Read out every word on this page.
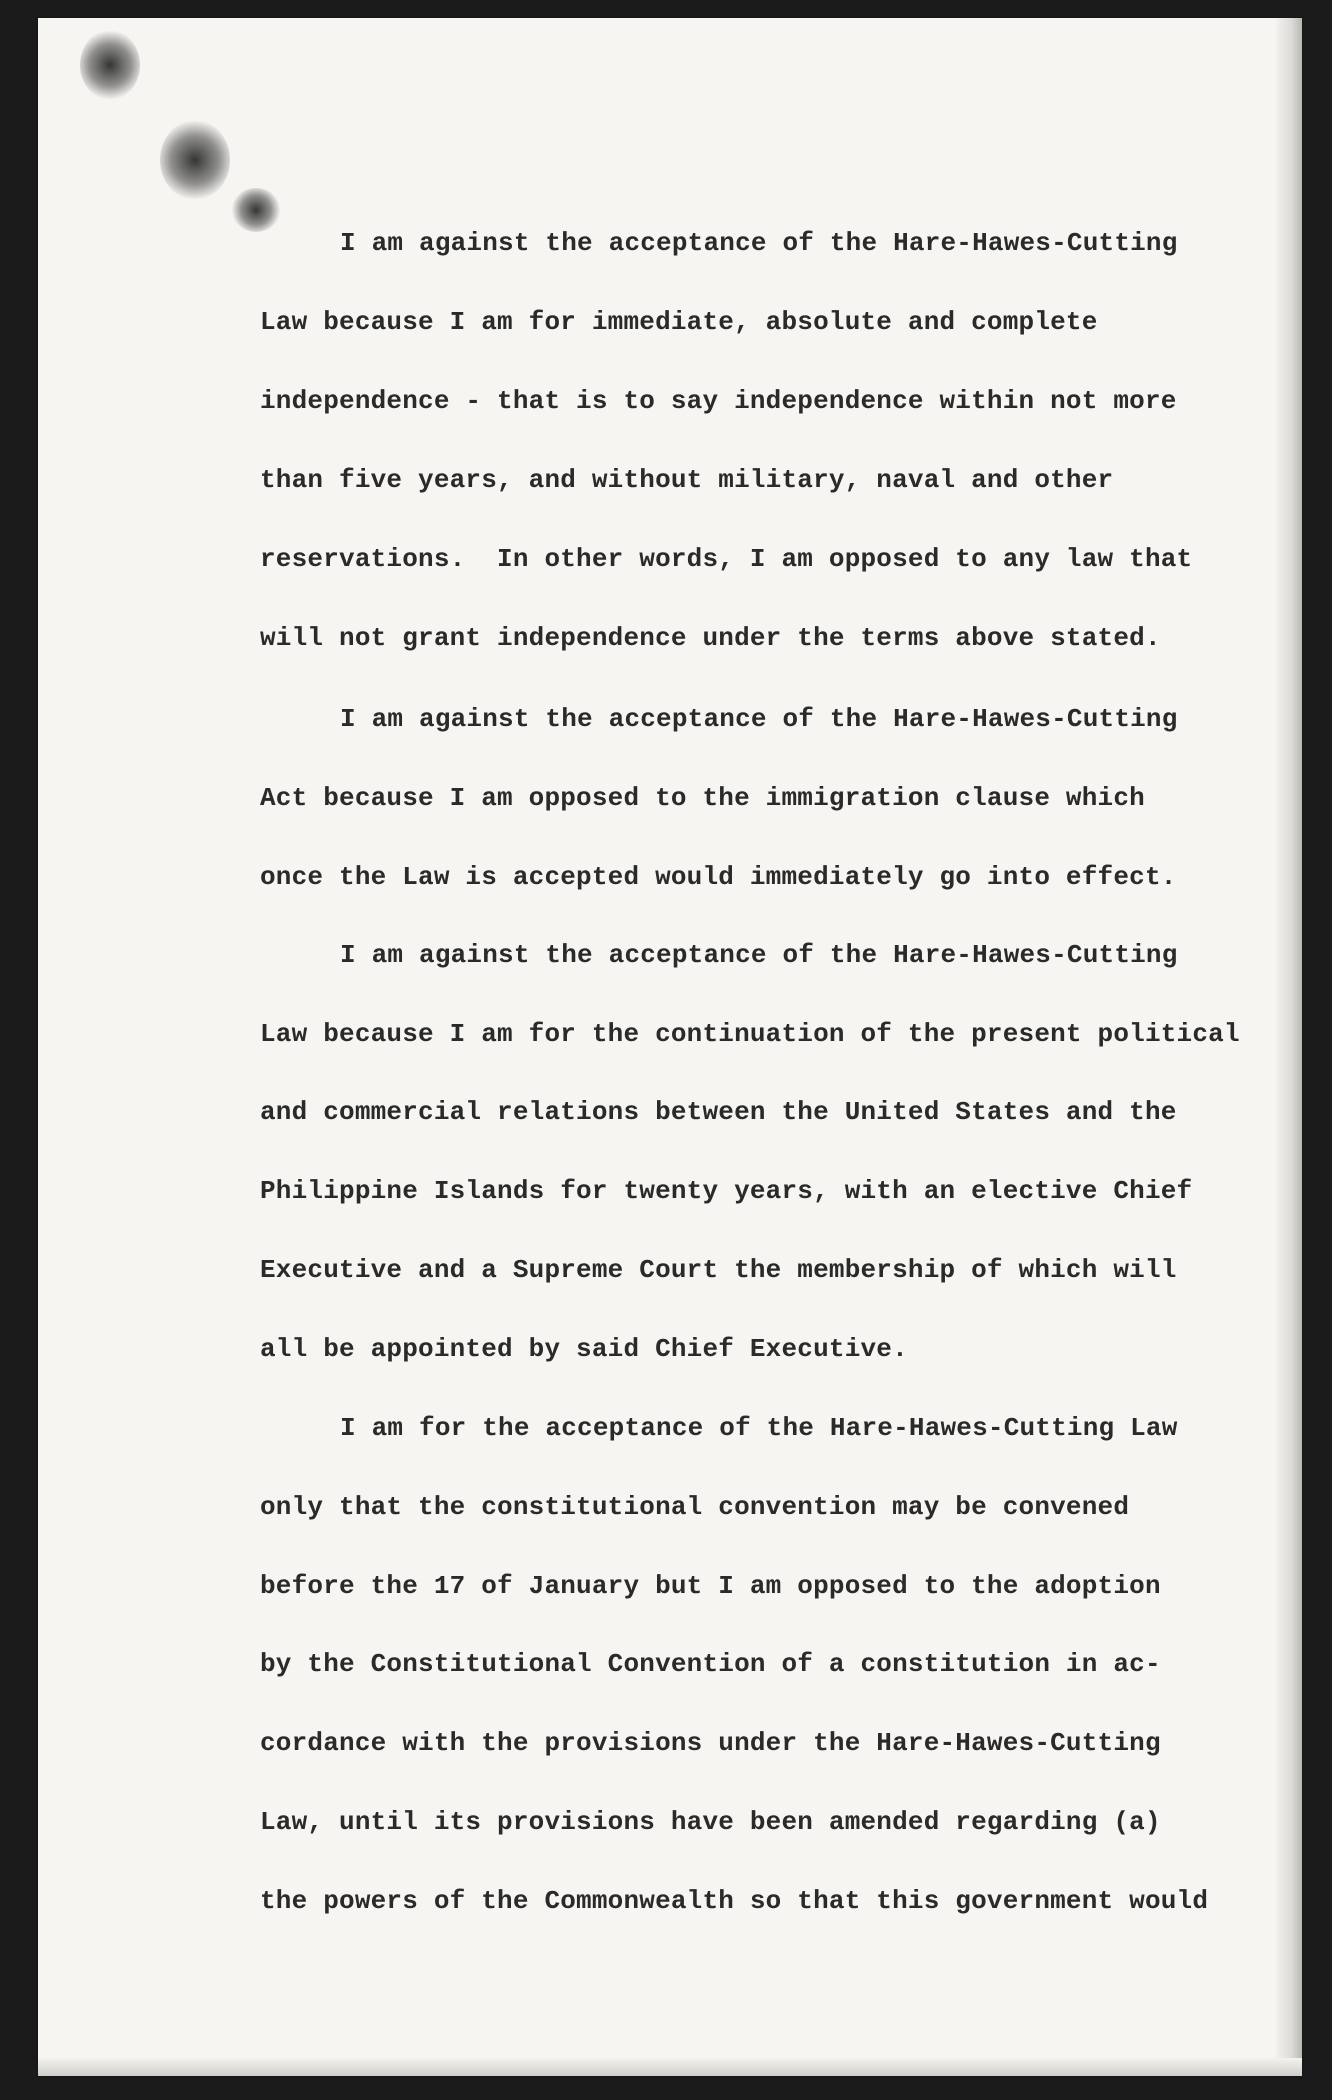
I am against the acceptance of the Hare-Hawes-Cutting
Law because I am for immediate, absolute and complete
independence - that is to say independence within not more
than five years, and without military, naval and other
reservations.  In other words, I am opposed to any law that
will not grant independence under the terms above stated.
I am against the acceptance of the Hare-Hawes-Cutting
Act because I am opposed to the immigration clause which
once the Law is accepted would immediately go into effect.
I am against the acceptance of the Hare-Hawes-Cutting
Law because I am for the continuation of the present political
and commercial relations between the United States and the
Philippine Islands for twenty years, with an elective Chief
Executive and a Supreme Court the membership of which will
all be appointed by said Chief Executive.
I am for the acceptance of the Hare-Hawes-Cutting Law
only that the constitutional convention may be convened
before the 17 of January but I am opposed to the adoption
by the Constitutional Convention of a constitution in ac-
cordance with the provisions under the Hare-Hawes-Cutting
Law, until its provisions have been amended regarding (a)
the powers of the Commonwealth so that this government would
